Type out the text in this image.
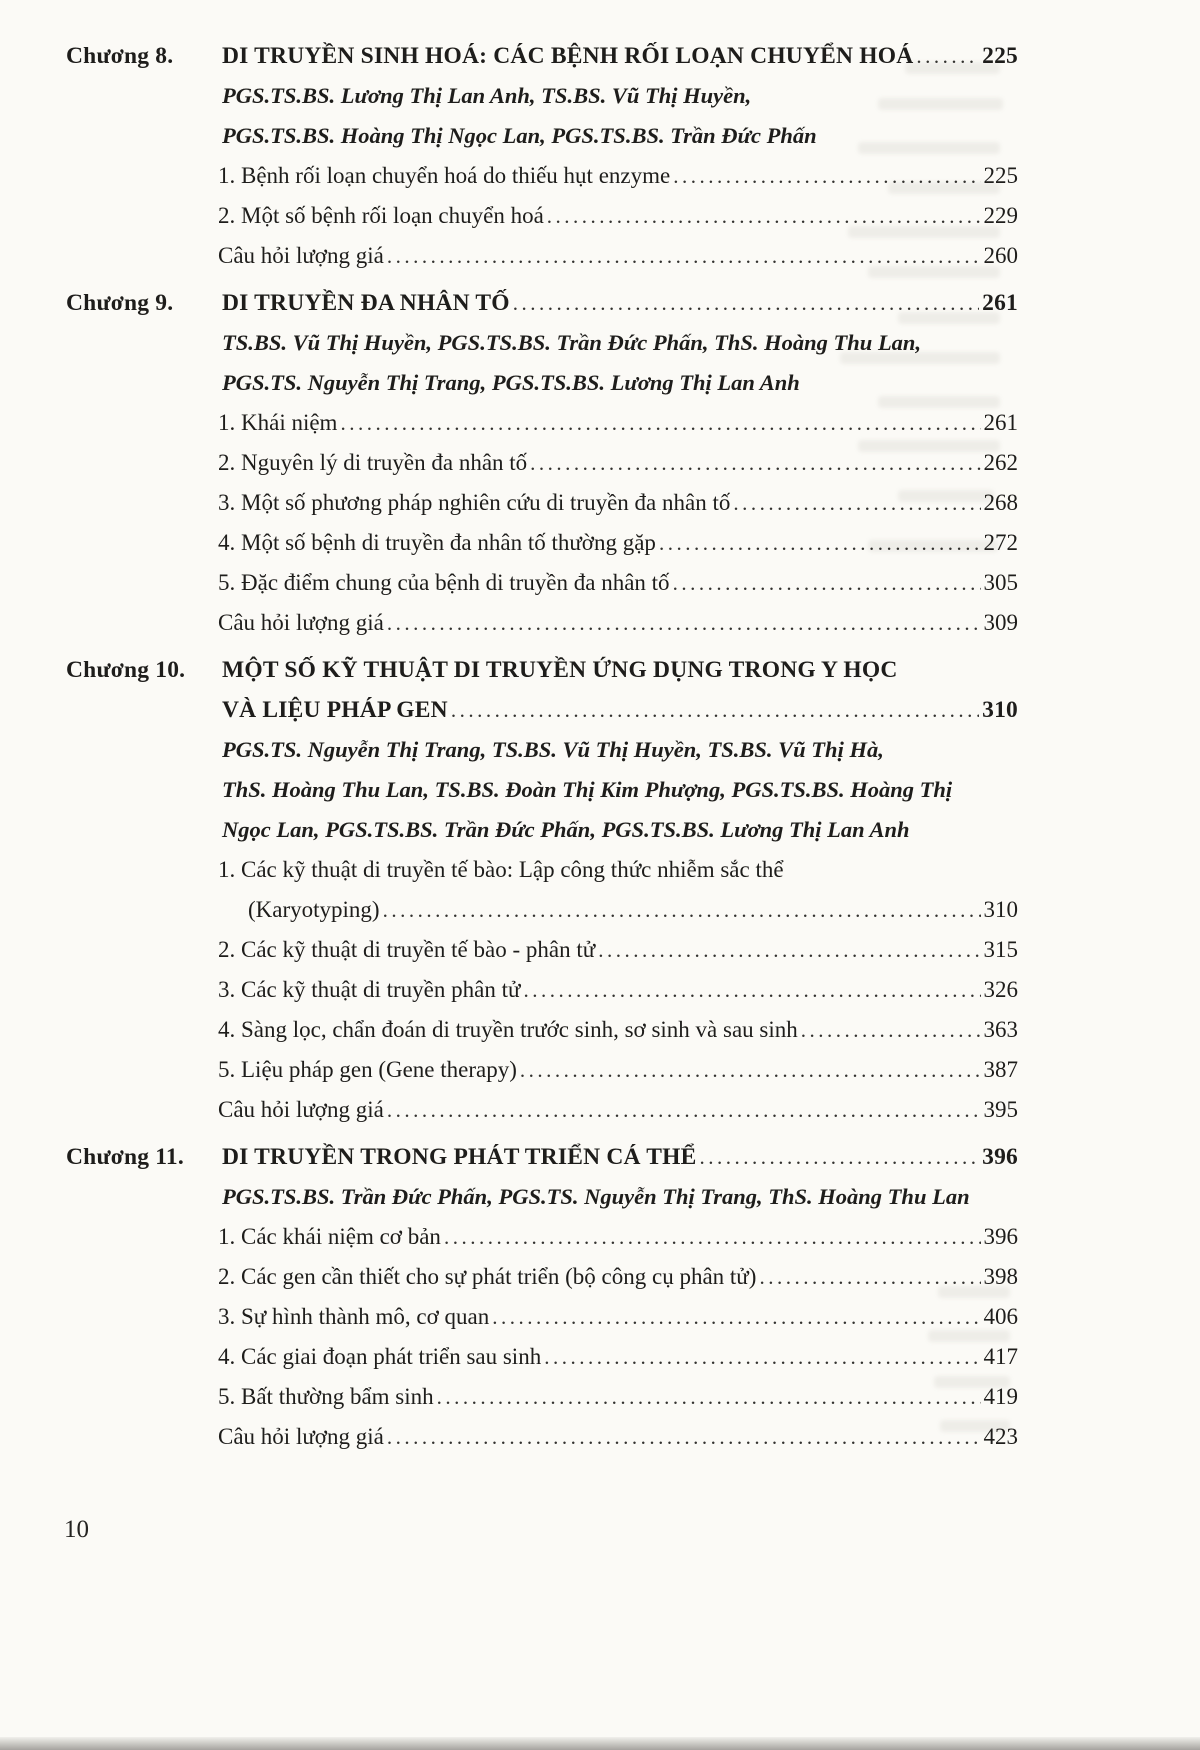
Chương 8.	DI TRUYỀN SINH HOÁ: CÁC BỆNH RỐI LOẠN CHUYỂN HOÁ .....	225
PGS.TS.BS. Lương Thị Lan Anh, TS.BS. Vũ Thị Huyền,
PGS.TS.BS. Hoàng Thị Ngọc Lan, PGS.TS.BS. Trần Đức Phấn
1. Bệnh rối loạn chuyển hoá do thiếu hụt enzyme .....	225
2. Một số bệnh rối loạn chuyển hoá .....	229
Câu hỏi lượng giá .....	260
Chương 9.	DI TRUYỀN ĐA NHÂN TỐ .....	261
TS.BS. Vũ Thị Huyền, PGS.TS.BS. Trần Đức Phấn, ThS. Hoàng Thu Lan,
PGS.TS. Nguyễn Thị Trang, PGS.TS.BS. Lương Thị Lan Anh
1. Khái niệm .....	261
2. Nguyên lý di truyền đa nhân tố .....	262
3. Một số phương pháp nghiên cứu di truyền đa nhân tố .....	268
4. Một số bệnh di truyền đa nhân tố thường gặp .....	272
5. Đặc điểm chung của bệnh di truyền đa nhân tố .....	305
Câu hỏi lượng giá .....	309
Chương 10.	MỘT SỐ KỸ THUẬT DI TRUYỀN ỨNG DỤNG TRONG Y HỌC
VÀ LIỆU PHÁP GEN .....	310
PGS.TS. Nguyễn Thị Trang, TS.BS. Vũ Thị Huyền, TS.BS. Vũ Thị Hà,
ThS. Hoàng Thu Lan, TS.BS. Đoàn Thị Kim Phượng, PGS.TS.BS. Hoàng Thị
Ngọc Lan, PGS.TS.BS. Trần Đức Phấn, PGS.TS.BS. Lương Thị Lan Anh
1. Các kỹ thuật di truyền tế bào: Lập công thức nhiễm sắc thể
(Karyotyping) .....	310
2. Các kỹ thuật di truyền tế bào - phân tử .....	315
3. Các kỹ thuật di truyền phân tử .....	326
4. Sàng lọc, chẩn đoán di truyền trước sinh, sơ sinh và sau sinh .....	363
5. Liệu pháp gen (Gene therapy) .....	387
Câu hỏi lượng giá .....	395
Chương 11.	DI TRUYỀN TRONG PHÁT TRIỂN CÁ THỂ .....	396
PGS.TS.BS. Trần Đức Phấn, PGS.TS. Nguyễn Thị Trang, ThS. Hoàng Thu Lan
1. Các khái niệm cơ bản .....	396
2. Các gen cần thiết cho sự phát triển (bộ công cụ phân tử) .....	398
3. Sự hình thành mô, cơ quan .....	406
4. Các giai đoạn phát triển sau sinh .....	417
5. Bất thường bẩm sinh .....	419
Câu hỏi lượng giá .....	423
10
